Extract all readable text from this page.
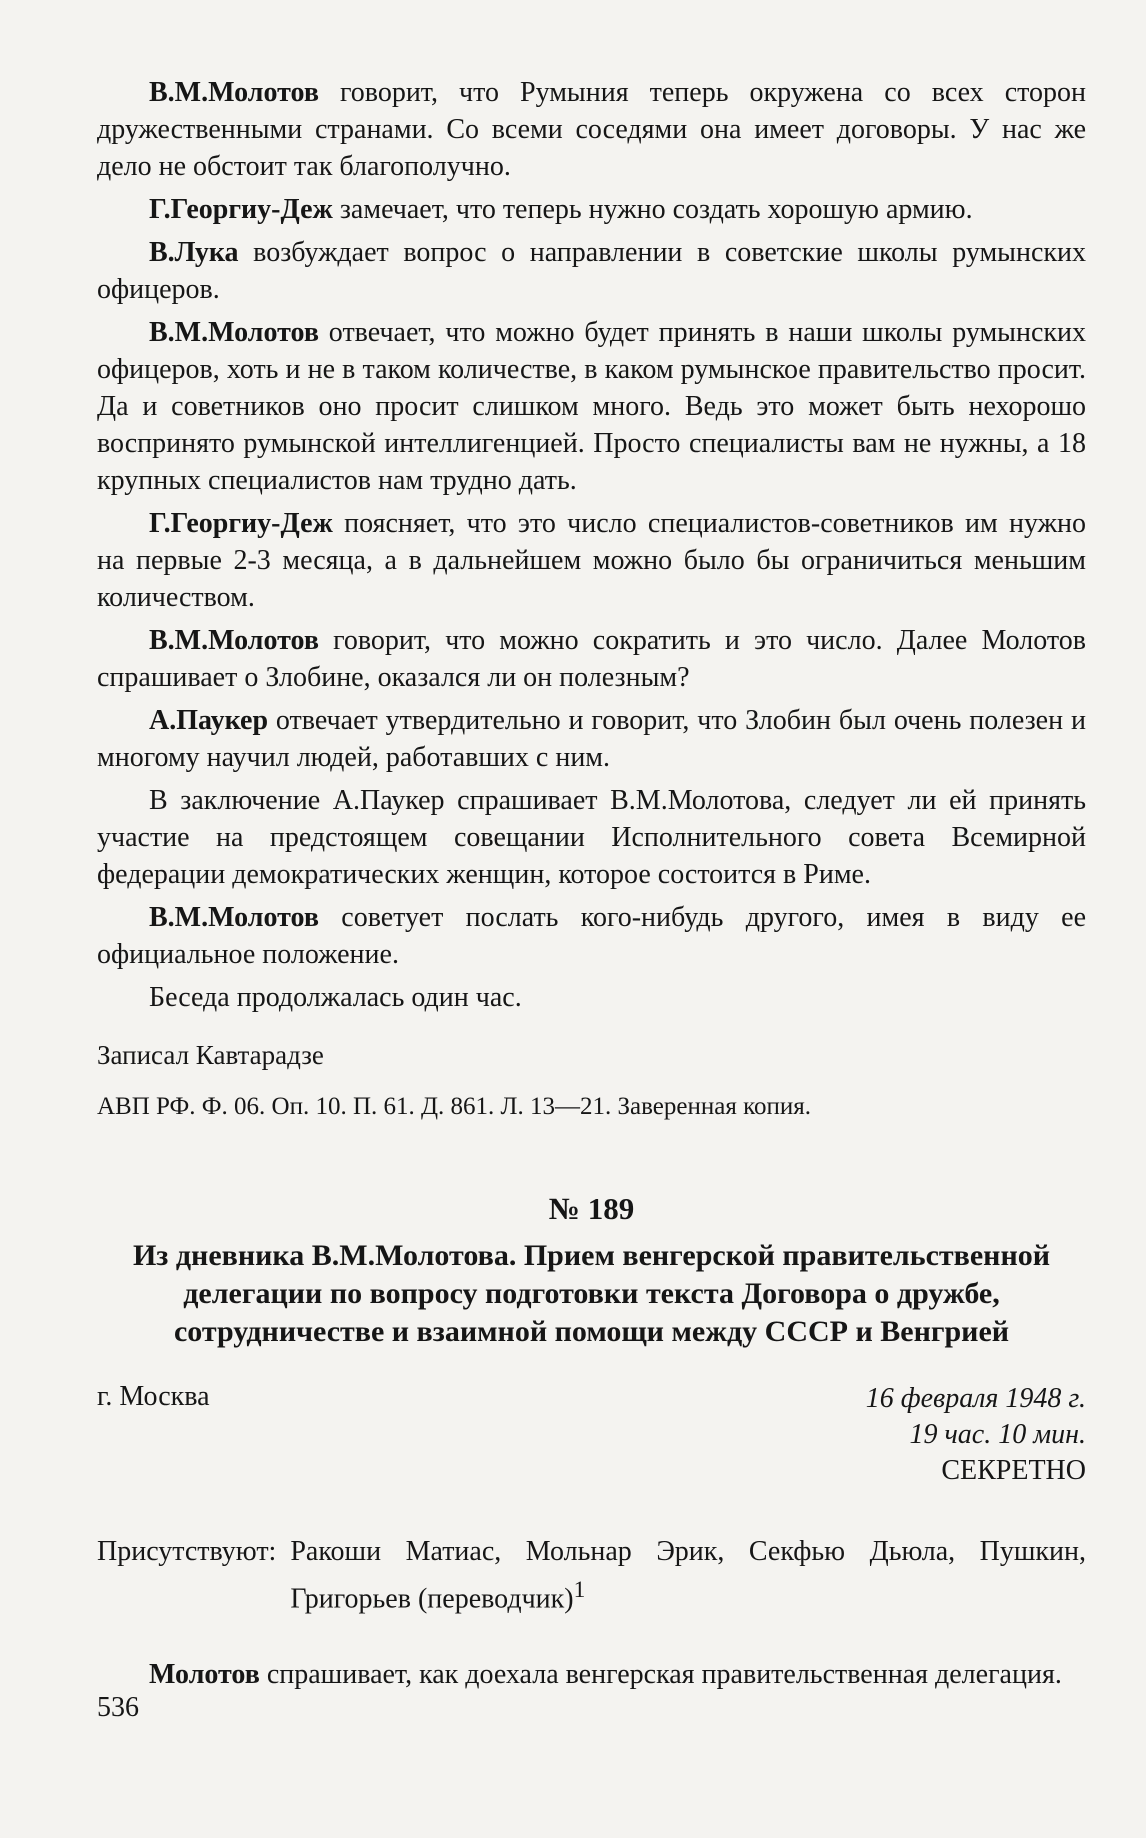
В.М.Молотов говорит, что Румыния теперь окружена со всех сторон дружественными странами. Со всеми соседями она имеет договоры. У нас же дело не обстоит так благополучно.

Г.Георгиу-Деж замечает, что теперь нужно создать хорошую армию.

В.Лука возбуждает вопрос о направлении в советские школы румынских офицеров.

В.М.Молотов отвечает, что можно будет принять в наши школы румынских офицеров, хоть и не в таком количестве, в каком румынское правительство просит. Да и советников оно просит слишком много. Ведь это может быть нехорошо воспринято румынской интеллигенцией. Просто специалисты вам не нужны, а 18 крупных специалистов нам трудно дать.

Г.Георгиу-Деж поясняет, что это число специалистов-советников им нужно на первые 2-3 месяца, а в дальнейшем можно было бы ограничиться меньшим количеством.

В.М.Молотов говорит, что можно сократить и это число. Далее Молотов спрашивает о Злобине, оказался ли он полезным?

А.Паукер отвечает утвердительно и говорит, что Злобин был очень полезен и многому научил людей, работавших с ним.

В заключение А.Паукер спрашивает В.М.Молотова, следует ли ей принять участие на предстоящем совещании Исполнительного совета Всемирной федерации демократических женщин, которое состоится в Риме.

В.М.Молотов советует послать кого-нибудь другого, имея в виду ее официальное положение.

Беседа продолжалась один час.

Записал Кавтарадзе
АВП РФ. Ф. 06. Оп. 10. П. 61. Д. 861. Л. 13—21. Заверенная копия.
№ 189
Из дневника В.М.Молотова. Прием венгерской правительственной делегации по вопросу подготовки текста Договора о дружбе, сотрудничестве и взаимной помощи между СССР и Венгрией
г. Москва	16 февраля 1948 г.
19 час. 10 мин.
СЕКРЕТНО
Присутствуют: Ракоши Матиас, Мольнар Эрик, Секфью Дьюла, Пушкин, Григорьев (переводчик)$^1$

Молотов спрашивает, как доехала венгерская правительственная делегация.

536
